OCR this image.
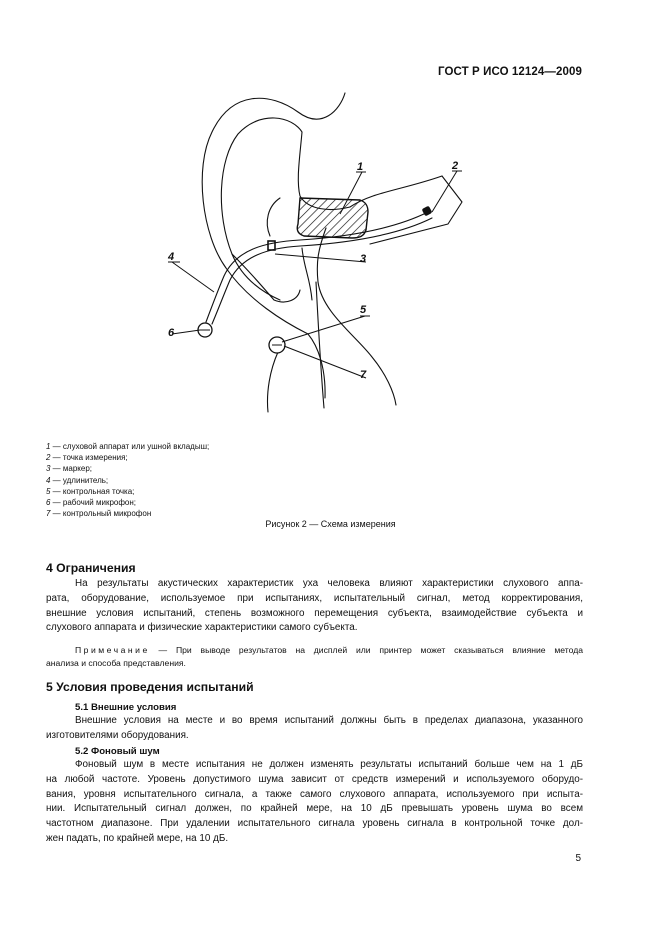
ГОСТ Р ИСО 12124—2009
1	2
3
4
5
6
7
1 — слуховой аппарат или ушной вкладыш;
2 — точка измерения;
3 — маркер;
4 — удлинитель;
5 — контрольная точка;
6 — рабочий микрофон;
7 — контрольный микрофон
Рисунок 2 — Схема измерения
4 Ограничения
На результаты акустических характеристик уха человека влияют характеристики слухового аппа-
рата, оборудование, используемое при испытаниях, испытательный сигнал, метод корректирования,
внешние условия испытаний, степень возможного перемещения субъекта, взаимодействие субъекта и
слухового аппарата и физические характеристики самого субъекта.
Примечание — При выводе результатов на дисплей или принтер может сказываться влияние метода
анализа и способа представления.
5 Условия проведения испытаний
5.1 Внешние условия
Внешние условия на месте и во время испытаний должны быть в пределах диапазона, указанного
изготовителями оборудования.
5.2 Фоновый шум
Фоновый шум в месте испытания не должен изменять результаты испытаний больше чем на 1 дБ
на любой частоте. Уровень допустимого шума зависит от средств измерений и используемого оборудо-
вания, уровня испытательного сигнала, а также самого слухового аппарата, используемого при испыта-
нии. Испытательный сигнал должен, по крайней мере, на 10 дБ превышать уровень шума во всем
частотном диапазоне. При удалении испытательного сигнала уровень сигнала в контрольной точке дол-
жен падать, по крайней мере, на 10 дБ.
5
